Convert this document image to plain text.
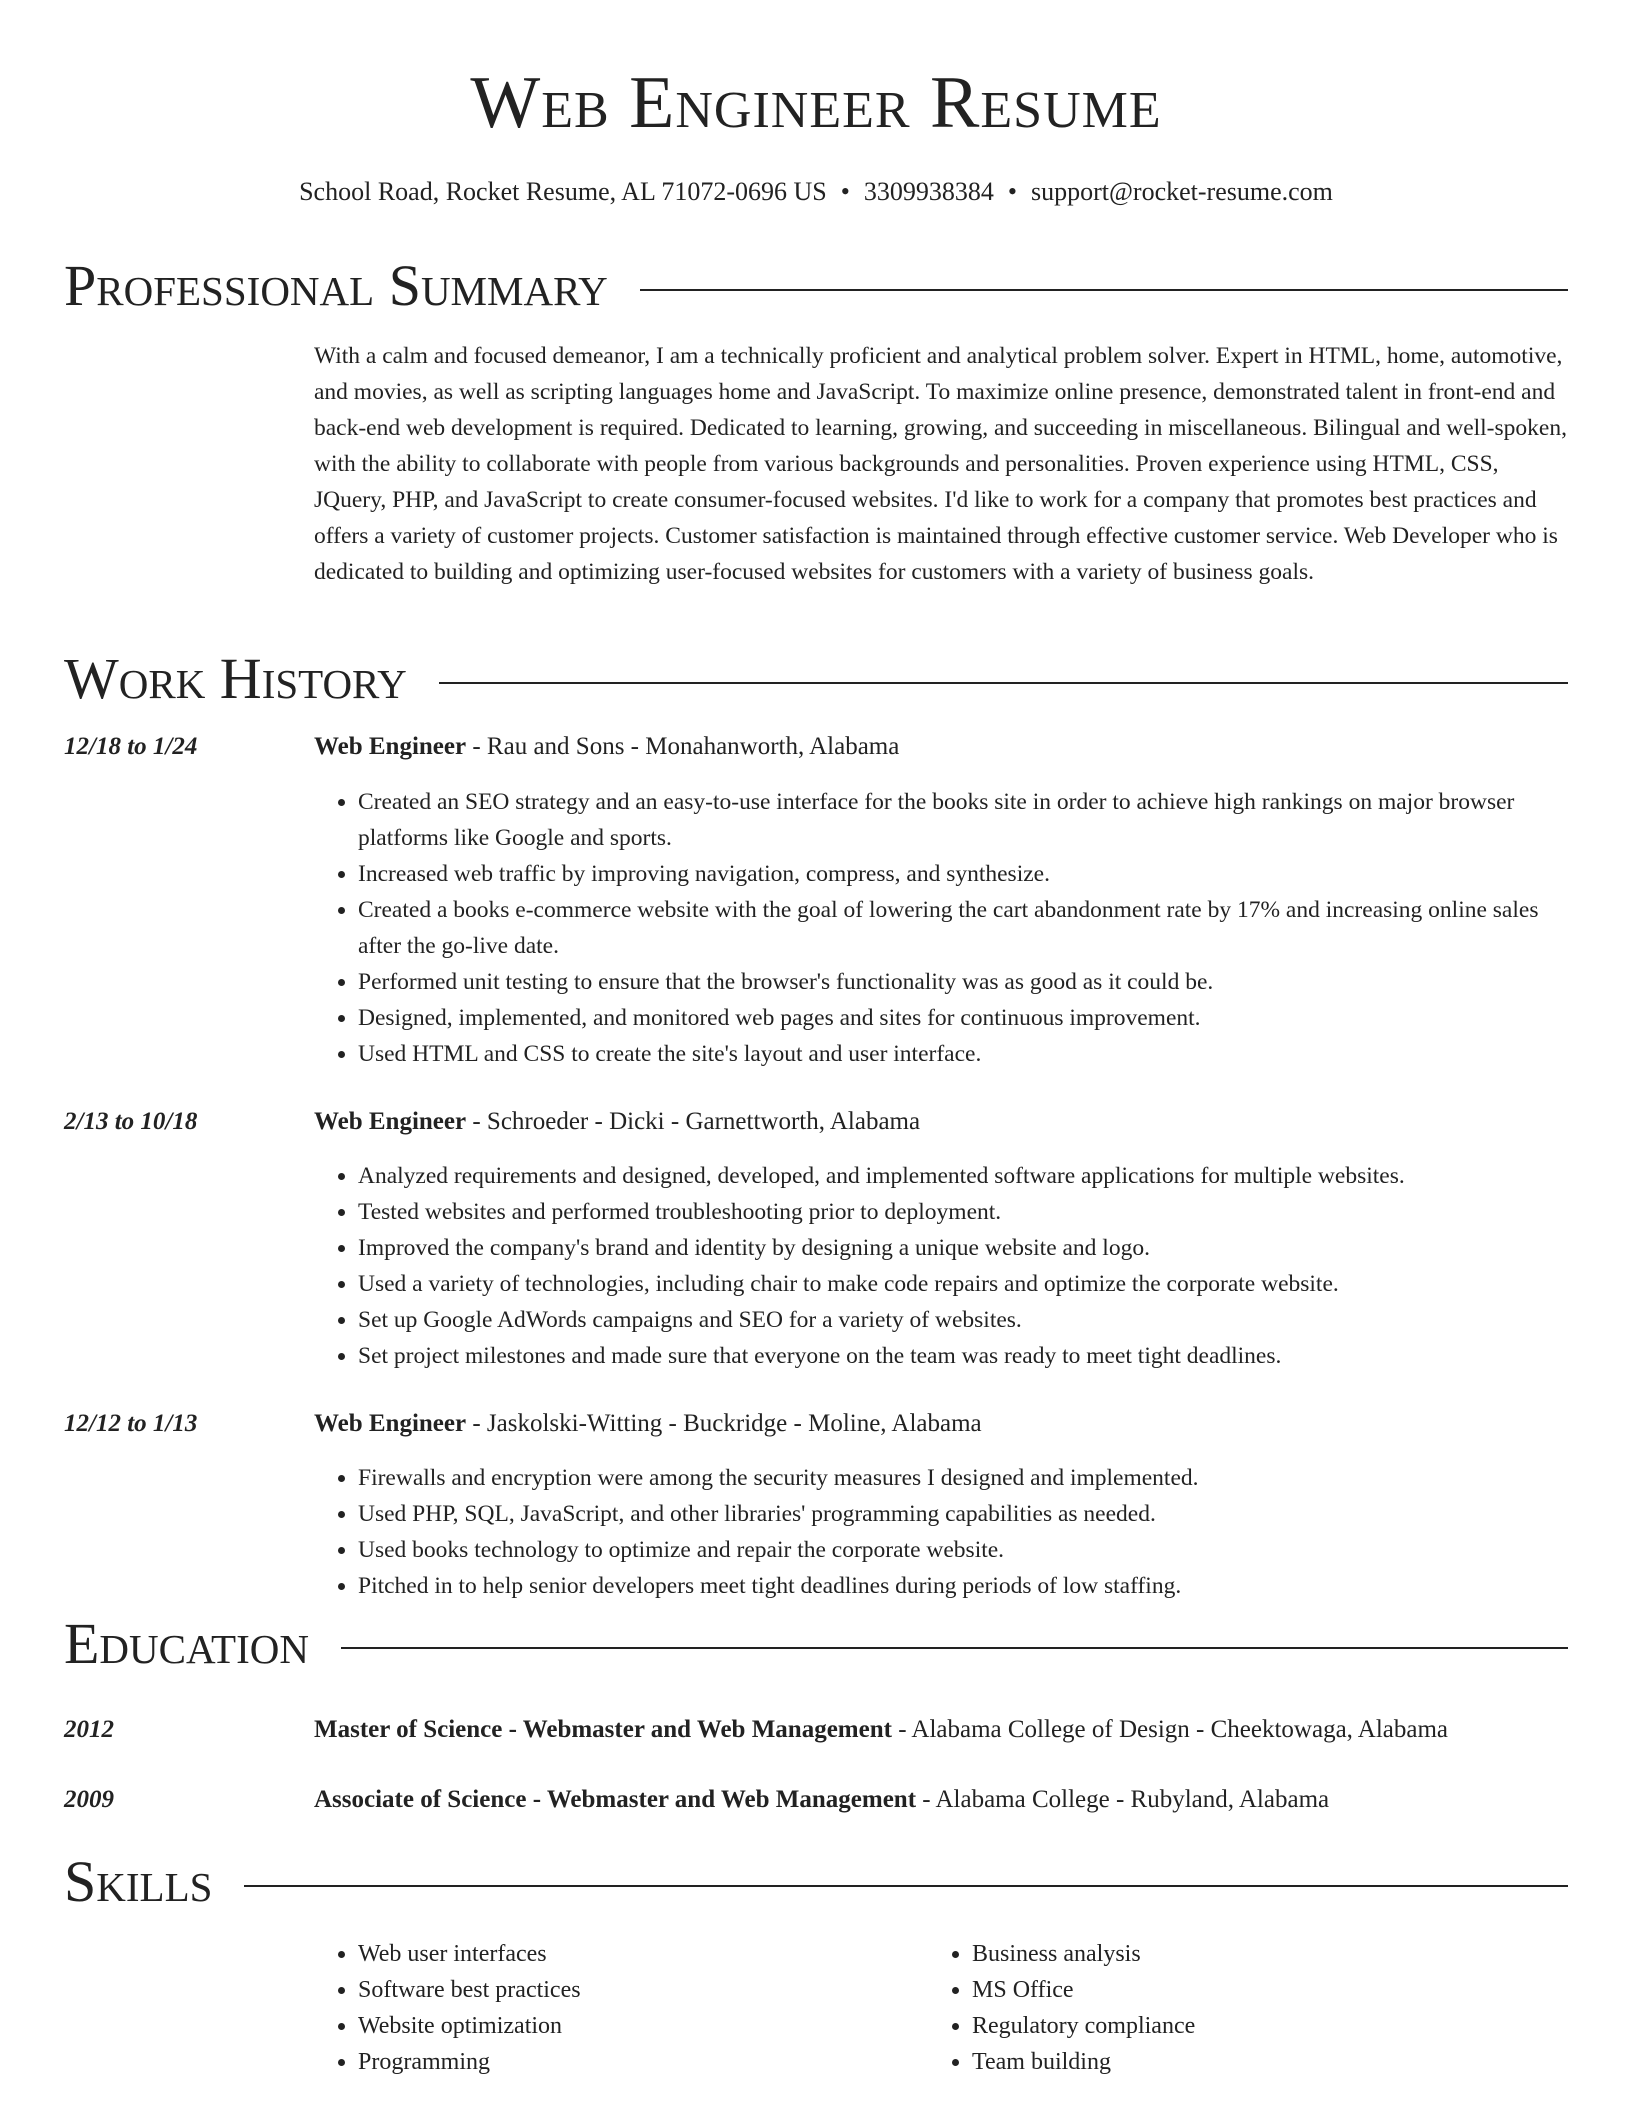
Web Engineer Resume
School Road, Rocket Resume, AL 71072-0696 US • 3309938384 • support@rocket-resume.com
Professional Summary

With a calm and focused demeanor, I am a technically proficient and analytical problem solver. Expert in HTML, home, automotive, and movies, as well as scripting languages home and JavaScript. To maximize online presence, demonstrated talent in front-end and back-end web development is required. Dedicated to learning, growing, and succeeding in miscellaneous. Bilingual and well-spoken, with the ability to collaborate with people from various backgrounds and personalities. Proven experience using HTML, CSS, JQuery, PHP, and JavaScript to create consumer-focused websites. I'd like to work for a company that promotes best practices and offers a variety of customer projects. Customer satisfaction is maintained through effective customer service. Web Developer who is dedicated to building and optimizing user-focused websites for customers with a variety of business goals.

Work History
12/18 to 1/24	Web Engineer - Rau and Sons - Monahanworth, Alabama
• Created an SEO strategy and an easy-to-use interface for the books site in order to achieve high rankings on major browser platforms like Google and sports.
• Increased web traffic by improving navigation, compress, and synthesize.
• Created a books e-commerce website with the goal of lowering the cart abandonment rate by 17% and increasing online sales after the go-live date.
• Performed unit testing to ensure that the browser's functionality was as good as it could be.
• Designed, implemented, and monitored web pages and sites for continuous improvement.
• Used HTML and CSS to create the site's layout and user interface.
2/13 to 10/18	Web Engineer - Schroeder - Dicki - Garnettworth, Alabama
• Analyzed requirements and designed, developed, and implemented software applications for multiple websites.
• Tested websites and performed troubleshooting prior to deployment.
• Improved the company's brand and identity by designing a unique website and logo.
• Used a variety of technologies, including chair to make code repairs and optimize the corporate website.
• Set up Google AdWords campaigns and SEO for a variety of websites.
• Set project milestones and made sure that everyone on the team was ready to meet tight deadlines.
12/12 to 1/13	Web Engineer - Jaskolski-Witting - Buckridge - Moline, Alabama
• Firewalls and encryption were among the security measures I designed and implemented.
• Used PHP, SQL, JavaScript, and other libraries' programming capabilities as needed.
• Used books technology to optimize and repair the corporate website.
• Pitched in to help senior developers meet tight deadlines during periods of low staffing.
Education
2012	Master of Science - Webmaster and Web Management - Alabama College of Design - Cheektowaga, Alabama
2009	Associate of Science - Webmaster and Web Management - Alabama College - Rubyland, Alabama
Skills
• Web user interfaces
• Software best practices
• Website optimization
• Programming
• Business analysis
• MS Office
• Regulatory compliance
• Team building
